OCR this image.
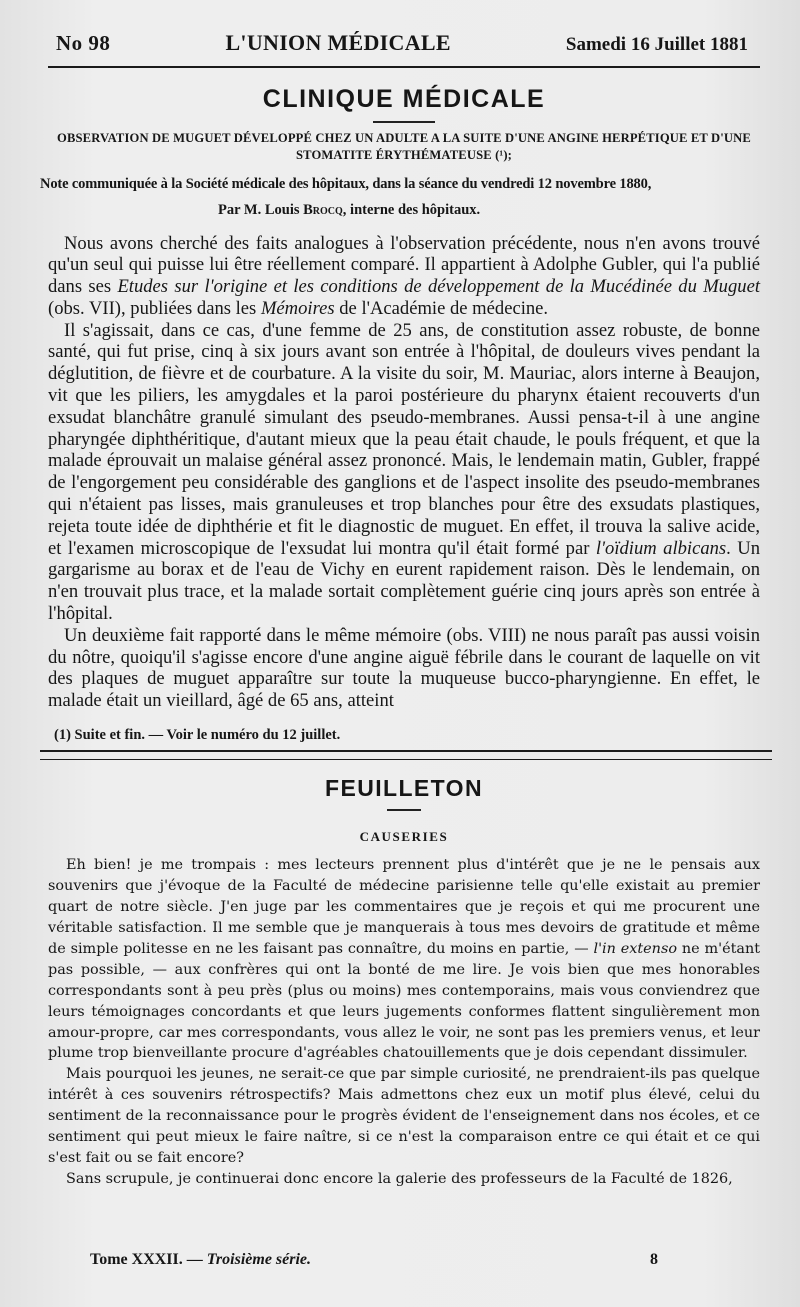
No 98	L'UNION MÉDICALE	Samedi 16 Juillet 1881
CLINIQUE MÉDICALE
OBSERVATION DE MUGUET DÉVELOPPÉ CHEZ UN ADULTE A LA SUITE D'UNE ANGINE HERPÉTIQUE ET D'UNE STOMATITE ÉRYTHÉMATEUSE (¹);
Note communiquée à la Société médicale des hôpitaux, dans la séance du vendredi 12 novembre 1880,
Par M. Louis Brocq, interne des hôpitaux.

Nous avons cherché des faits analogues à l'observation précédente, nous n'en avons trouvé qu'un seul qui puisse lui être réellement comparé. Il appartient à Adolphe Gubler, qui l'a publié dans ses Etudes sur l'origine et les conditions de développement de la Mucédinée du Muguet (obs. VII), publiées dans les Mémoires de l'Académie de médecine.

Il s'agissait, dans ce cas, d'une femme de 25 ans, de constitution assez robuste, de bonne santé, qui fut prise, cinq à six jours avant son entrée à l'hôpital, de douleurs vives pendant la déglutition, de fièvre et de courbature. A la visite du soir, M. Mauriac, alors interne à Beaujon, vit que les piliers, les amygdales et la paroi postérieure du pharynx étaient recouverts d'un exsudat blanchâtre granulé simulant des pseudo-membranes. Aussi pensa-t-il à une angine pharyngée diphthéritique, d'autant mieux que la peau était chaude, le pouls fréquent, et que la malade éprouvait un malaise général assez prononcé. Mais, le lendemain matin, Gubler, frappé de l'engorgement peu considérable des ganglions et de l'aspect insolite des pseudo-membranes qui n'étaient pas lisses, mais granuleuses et trop blanches pour être des exsudats plastiques, rejeta toute idée de diphthérie et fit le diagnostic de muguet. En effet, il trouva la salive acide, et l'examen microscopique de l'exsudat lui montra qu'il était formé par l'oïdium albicans. Un gargarisme au borax et de l'eau de Vichy en eurent rapidement raison. Dès le lendemain, on n'en trouvait plus trace, et la malade sortait complètement guérie cinq jours après son entrée à l'hôpital.

Un deuxième fait rapporté dans le même mémoire (obs. VIII) ne nous paraît pas aussi voisin du nôtre, quoiqu'il s'agisse encore d'une angine aiguë fébrile dans le courant de laquelle on vit des plaques de muguet apparaître sur toute la muqueuse bucco-pharyngienne. En effet, le malade était un vieillard, âgé de 65 ans, atteint

(1) Suite et fin. — Voir le numéro du 12 juillet.
FEUILLETON
CAUSERIES

Eh bien! je me trompais : mes lecteurs prennent plus d'intérêt que je ne le pensais aux souvenirs que j'évoque de la Faculté de médecine parisienne telle qu'elle existait au premier quart de notre siècle. J'en juge par les commentaires que je reçois et qui me procurent une véritable satisfaction. Il me semble que je manquerais à tous mes devoirs de gratitude et même de simple politesse en ne les faisant pas connaître, du moins en partie, — l'in extenso ne m'étant pas possible, — aux confrères qui ont la bonté de me lire. Je vois bien que mes honorables correspondants sont à peu près (plus ou moins) mes contemporains, mais vous conviendrez que leurs témoignages concordants et que leurs jugements conformes flattent singulièrement mon amour-propre, car mes correspondants, vous allez le voir, ne sont pas les premiers venus, et leur plume trop bienveillante procure d'agréables chatouillements que je dois cependant dissimuler.

Mais pourquoi les jeunes, ne serait-ce que par simple curiosité, ne prendraient-ils pas quelque intérêt à ces souvenirs rétrospectifs? Mais admettons chez eux un motif plus élevé, celui du sentiment de la reconnaissance pour le progrès évident de l'enseignement dans nos écoles, et ce sentiment qui peut mieux le faire naître, si ce n'est la comparaison entre ce qui était et ce qui s'est fait ou se fait encore?

Sans scrupule, je continuerai donc encore la galerie des professeurs de la Faculté de 1826,

Tome XXXII. — Troisième série.	8
